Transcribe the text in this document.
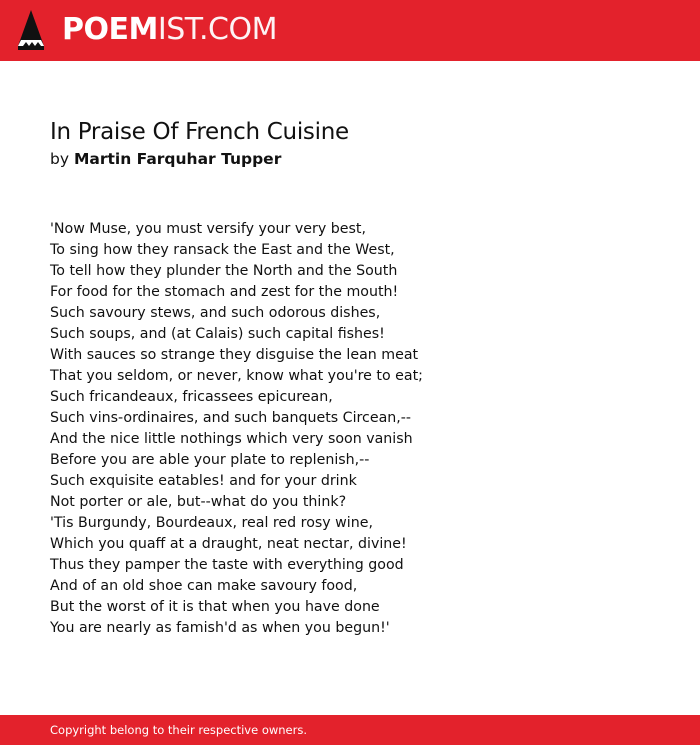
POEMIST.COM
In Praise Of French Cuisine
by Martin Farquhar Tupper
'Now Muse, you must versify your very best,
To sing how they ransack the East and the West,
To tell how they plunder the North and the South
For food for the stomach and zest for the mouth!
Such savoury stews, and such odorous dishes,
Such soups, and (at Calais) such capital fishes!
With sauces so strange they disguise the lean meat
That you seldom, or never, know what you're to eat;
Such fricandeaux, fricassees epicurean,
Such vins-ordinaires, and such banquets Circean,--
And the nice little nothings which very soon vanish
Before you are able your plate to replenish,--
Such exquisite eatables! and for your drink
Not porter or ale, but--what do you think?
'Tis Burgundy, Bourdeaux, real red rosy wine,
Which you quaff at a draught, neat nectar, divine!
Thus they pamper the taste with everything good
And of an old shoe can make savoury food,
But the worst of it is that when you have done
You are nearly as famish'd as when you begun!'
Copyright belong to their respective owners.
